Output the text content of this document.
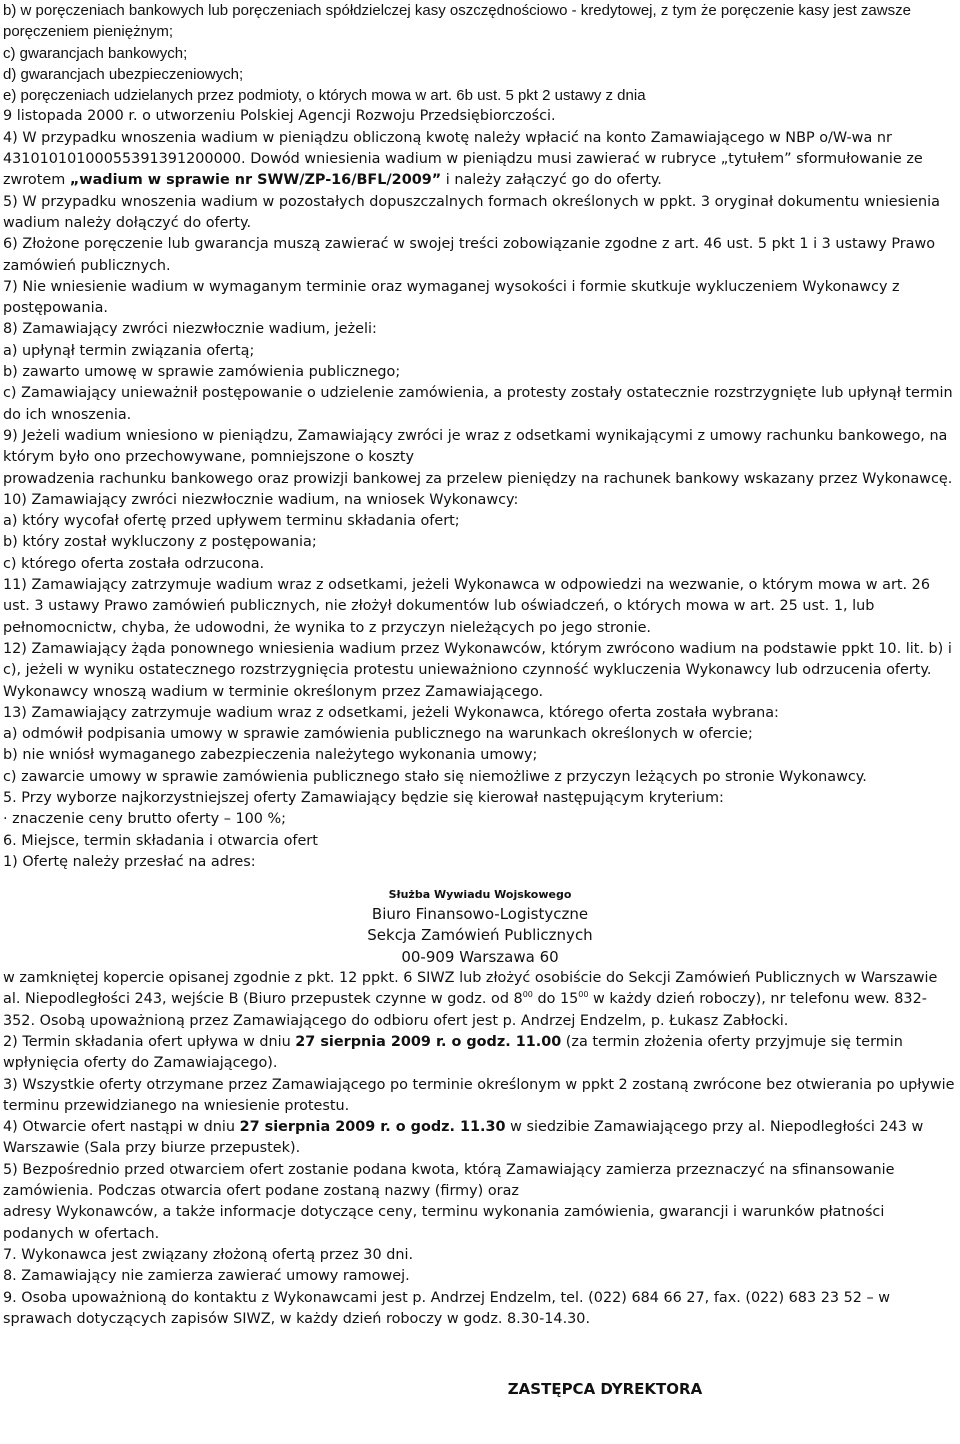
b) w poręczeniach bankowych lub poręczeniach spółdzielczej kasy oszczędnościowo - kredytowej, z tym że poręczenie kasy jest zawsze poręczeniem pieniężnym;

c) gwarancjach bankowych;

d) gwarancjach ubezpieczeniowych;

e) poręczeniach udzielanych przez podmioty, o których mowa w art. 6b ust. 5 pkt 2 ustawy z dnia

9 listopada 2000 r. o utworzeniu Polskiej Agencji Rozwoju Przedsiębiorczości.

4) W przypadku wnoszenia wadium w pieniądzu obliczoną kwotę należy wpłacić na konto Zamawiającego w NBP o/W-wa nr 43101010100055391391200000. Dowód wniesienia wadium w pieniądzu musi zawierać w rubryce „tytułem” sformułowanie ze zwrotem „wadium w sprawie nr SWW/ZP-16/BFL/2009” i należy załączyć go do oferty.

5) W przypadku wnoszenia wadium w pozostałych dopuszczalnych formach określonych w ppkt. 3 oryginał dokumentu wniesienia wadium należy dołączyć do oferty.

6) Złożone poręczenie lub gwarancja muszą zawierać w swojej treści zobowiązanie zgodne z art. 46 ust. 5 pkt 1 i 3 ustawy Prawo zamówień publicznych.

7) Nie wniesienie wadium w wymaganym terminie oraz wymaganej wysokości i formie skutkuje wykluczeniem Wykonawcy z postępowania.

8) Zamawiający zwróci niezwłocznie wadium, jeżeli:

a) upłynął termin związania ofertą;

b) zawarto umowę w sprawie zamówienia publicznego;

c) Zamawiający unieważnił postępowanie o udzielenie zamówienia, a protesty zostały ostatecznie rozstrzygnięte lub upłynął termin do ich wnoszenia.

9) Jeżeli wadium wniesiono w pieniądzu, Zamawiający zwróci je wraz z odsetkami wynikającymi z umowy rachunku bankowego, na którym było ono przechowywane, pomniejszone o koszty

prowadzenia rachunku bankowego oraz prowizji bankowej za przelew pieniędzy na rachunek bankowy wskazany przez Wykonawcę.

10) Zamawiający zwróci niezwłocznie wadium, na wniosek Wykonawcy:

a) który wycofał ofertę przed upływem terminu składania ofert;

b) który został wykluczony z postępowania;

c) którego oferta została odrzucona.

11) Zamawiający zatrzymuje wadium wraz z odsetkami, jeżeli Wykonawca w odpowiedzi na wezwanie, o którym mowa w art. 26 ust. 3 ustawy Prawo zamówień publicznych, nie złożył dokumentów lub oświadczeń, o których mowa w art. 25 ust. 1, lub pełnomocnictw, chyba, że udowodni, że wynika to z przyczyn nieleżących po jego stronie.

12) Zamawiający żąda ponownego wniesienia wadium przez Wykonawców, którym zwrócono wadium na podstawie ppkt 10. lit. b) i c), jeżeli w wyniku ostatecznego rozstrzygnięcia protestu unieważniono czynność wykluczenia Wykonawcy lub odrzucenia oferty. Wykonawcy wnoszą wadium w terminie określonym przez Zamawiającego.

13) Zamawiający zatrzymuje wadium wraz z odsetkami, jeżeli Wykonawca, którego oferta została wybrana:

a) odmówił podpisania umowy w sprawie zamówienia publicznego na warunkach określonych w ofercie;

b) nie wniósł wymaganego zabezpieczenia należytego wykonania umowy;

c) zawarcie umowy w sprawie zamówienia publicznego stało się niemożliwe z przyczyn leżących po stronie Wykonawcy.

5. Przy wyborze najkorzystniejszej oferty Zamawiający będzie się kierował następującym kryterium:

· znaczenie ceny brutto oferty – 100 %;

6. Miejsce, termin składania i otwarcia ofert

1) Ofertę należy przesłać na adres:

Służba Wywiadu Wojskowego
Biuro Finansowo-Logistyczne
Sekcja Zamówień Publicznych
00-909 Warszawa 60

w zamkniętej kopercie opisanej zgodnie z pkt. 12 ppkt. 6 SIWZ lub złożyć osobiście do Sekcji Zamówień Publicznych w Warszawie al. Niepodległości 243, wejście B (Biuro przepustek czynne w godz. od $8^{00}$ do $15^{00}$ w każdy dzień roboczy), nr telefonu wew. 832-352. Osobą upoważnioną przez Zamawiającego do odbioru ofert jest p. Andrzej Endzelm, p. Łukasz Zabłocki.

2) Termin składania ofert upływa w dniu 27 sierpnia 2009 r. o godz. 11.00 (za termin złożenia oferty przyjmuje się termin wpłynięcia oferty do Zamawiającego).

3) Wszystkie oferty otrzymane przez Zamawiającego po terminie określonym w ppkt 2 zostaną zwrócone bez otwierania po upływie terminu przewidzianego na wniesienie protestu.

4) Otwarcie ofert nastąpi w dniu 27 sierpnia 2009 r. o godz. 11.30 w siedzibie Zamawiającego przy al. Niepodległości 243 w Warszawie (Sala przy biurze przepustek).

5) Bezpośrednio przed otwarciem ofert zostanie podana kwota, którą Zamawiający zamierza przeznaczyć na sfinansowanie zamówienia. Podczas otwarcia ofert podane zostaną nazwy (firmy) oraz

adresy Wykonawców, a także informacje dotyczące ceny, terminu wykonania zamówienia, gwarancji i warunków płatności podanych w ofertach.

7. Wykonawca jest związany złożoną ofertą przez 30 dni.

8. Zamawiający nie zamierza zawierać umowy ramowej.

9. Osoba upoważnioną do kontaktu z Wykonawcami jest p. Andrzej Endzelm, tel. (022) 684 66 27, fax. (022) 683 23 52 – w sprawach dotyczących zapisów SIWZ, w każdy dzień roboczy w godz. 8.30-14.30.

ZASTĘPCA DYREKTORA
